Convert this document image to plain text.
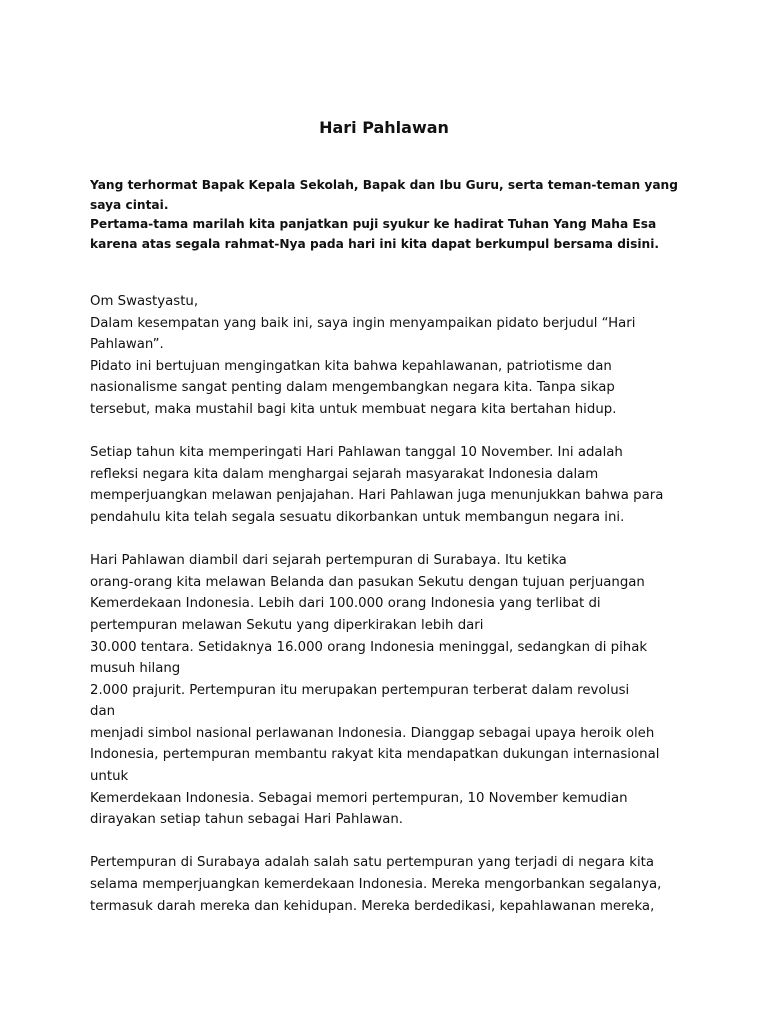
Hari Pahlawan
Yang terhormat Bapak Kepala Sekolah, Bapak dan Ibu Guru, serta teman-teman yang
saya cintai.
Pertama-tama marilah kita panjatkan puji syukur ke hadirat Tuhan Yang Maha Esa
karena atas segala rahmat-Nya pada hari ini kita dapat berkumpul bersama disini.
Om Swastyastu,
Dalam kesempatan yang baik ini, saya ingin menyampaikan pidato berjudul “Hari
Pahlawan”.
Pidato ini bertujuan mengingatkan kita bahwa kepahlawanan, patriotisme dan
nasionalisme sangat penting dalam mengembangkan negara kita. Tanpa sikap
tersebut, maka mustahil bagi kita untuk membuat negara kita bertahan hidup.
Setiap tahun kita memperingati Hari Pahlawan tanggal 10 November. Ini adalah
refleksi negara kita dalam menghargai sejarah masyarakat Indonesia dalam
memperjuangkan melawan penjajahan. Hari Pahlawan juga menunjukkan bahwa para
pendahulu kita telah segala sesuatu dikorbankan untuk membangun negara ini.
Hari Pahlawan diambil dari sejarah pertempuran di Surabaya. Itu ketika
orang-orang kita melawan Belanda dan pasukan Sekutu dengan tujuan perjuangan
Kemerdekaan Indonesia. Lebih dari 100.000 orang Indonesia yang terlibat di
pertempuran melawan Sekutu yang diperkirakan lebih dari
30.000 tentara. Setidaknya 16.000 orang Indonesia meninggal, sedangkan di pihak
musuh hilang
2.000 prajurit. Pertempuran itu merupakan pertempuran terberat dalam revolusi
dan
menjadi simbol nasional perlawanan Indonesia. Dianggap sebagai upaya heroik oleh
Indonesia, pertempuran membantu rakyat kita mendapatkan dukungan internasional
untuk
Kemerdekaan Indonesia. Sebagai memori pertempuran, 10 November kemudian
dirayakan setiap tahun sebagai Hari Pahlawan.
Pertempuran di Surabaya adalah salah satu pertempuran yang terjadi di negara kita
selama memperjuangkan kemerdekaan Indonesia. Mereka mengorbankan segalanya,
termasuk darah mereka dan kehidupan. Mereka berdedikasi, kepahlawanan mereka,
